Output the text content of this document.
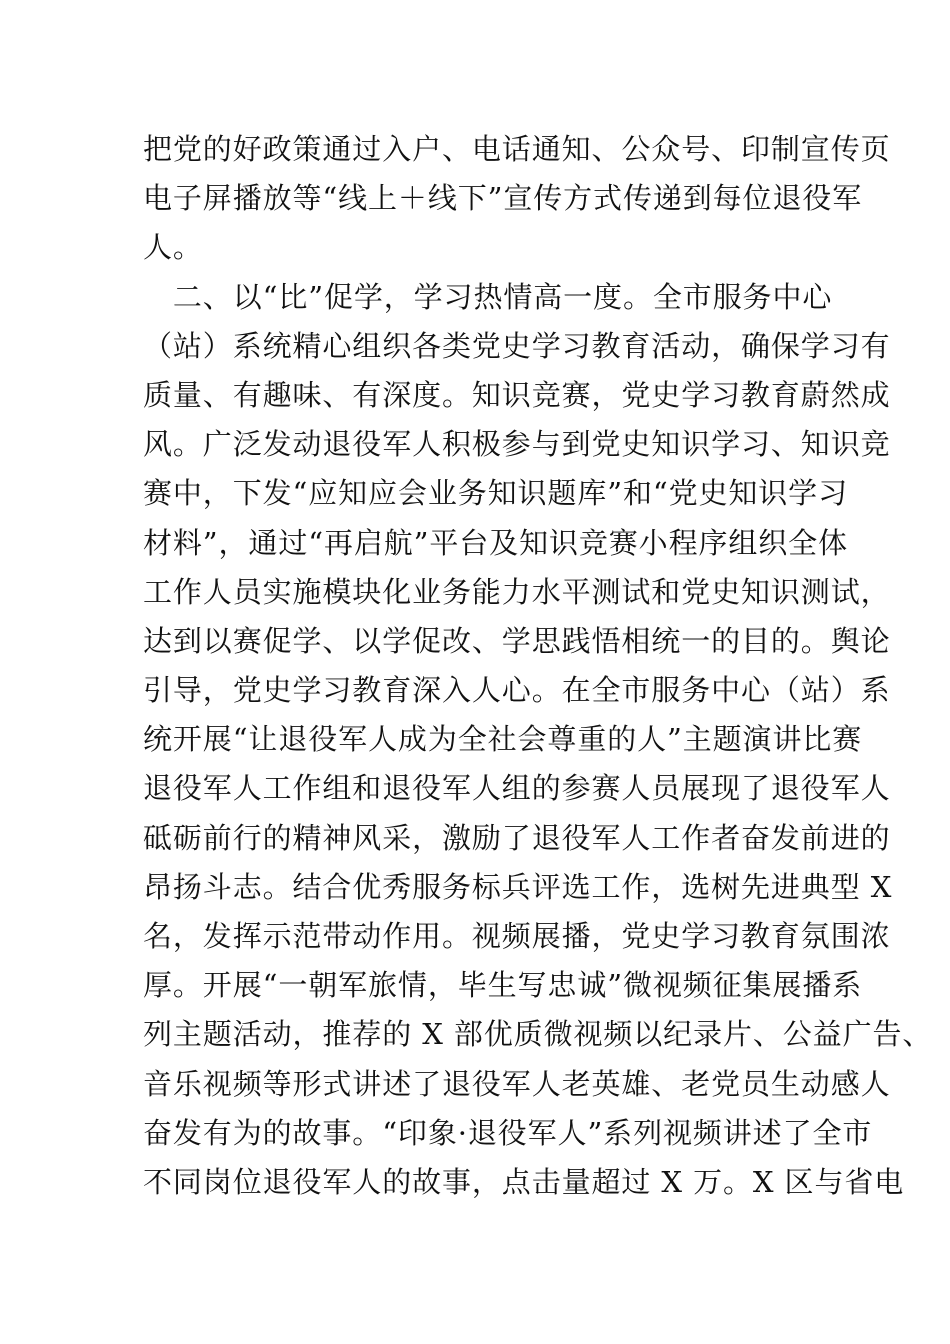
把党的好政策通过入户、电话通知、公众号、印制宣传页
电子屏播放等“线上＋线下”宣传方式传递到每位退役军
人。
　二、以“比”促学，学习热情高一度。全市服务中心
（站）系统精心组织各类党史学习教育活动，确保学习有
质量、有趣味、有深度。知识竞赛，党史学习教育蔚然成
风。广泛发动退役军人积极参与到党史知识学习、知识竞
赛中，下发“应知应会业务知识题库”和“党史知识学习
材料”，通过“再启航”平台及知识竞赛小程序组织全体
工作人员实施模块化业务能力水平测试和党史知识测试，
达到以赛促学、以学促改、学思践悟相统一的目的。舆论
引导，党史学习教育深入人心。在全市服务中心（站）系
统开展“让退役军人成为全社会尊重的人”主题演讲比赛
退役军人工作组和退役军人组的参赛人员展现了退役军人
砥砺前行的精神风采，激励了退役军人工作者奋发前进的
昂扬斗志。结合优秀服务标兵评选工作，选树先进典型 X
名，发挥示范带动作用。视频展播，党史学习教育氛围浓
厚。开展“一朝军旅情，毕生写忠诚”微视频征集展播系
列主题活动，推荐的 X 部优质微视频以纪录片、公益广告、
音乐视频等形式讲述了退役军人老英雄、老党员生动感人
奋发有为的故事。“印象·退役军人”系列视频讲述了全市
不同岗位退役军人的故事，点击量超过 X 万。X 区与省电
